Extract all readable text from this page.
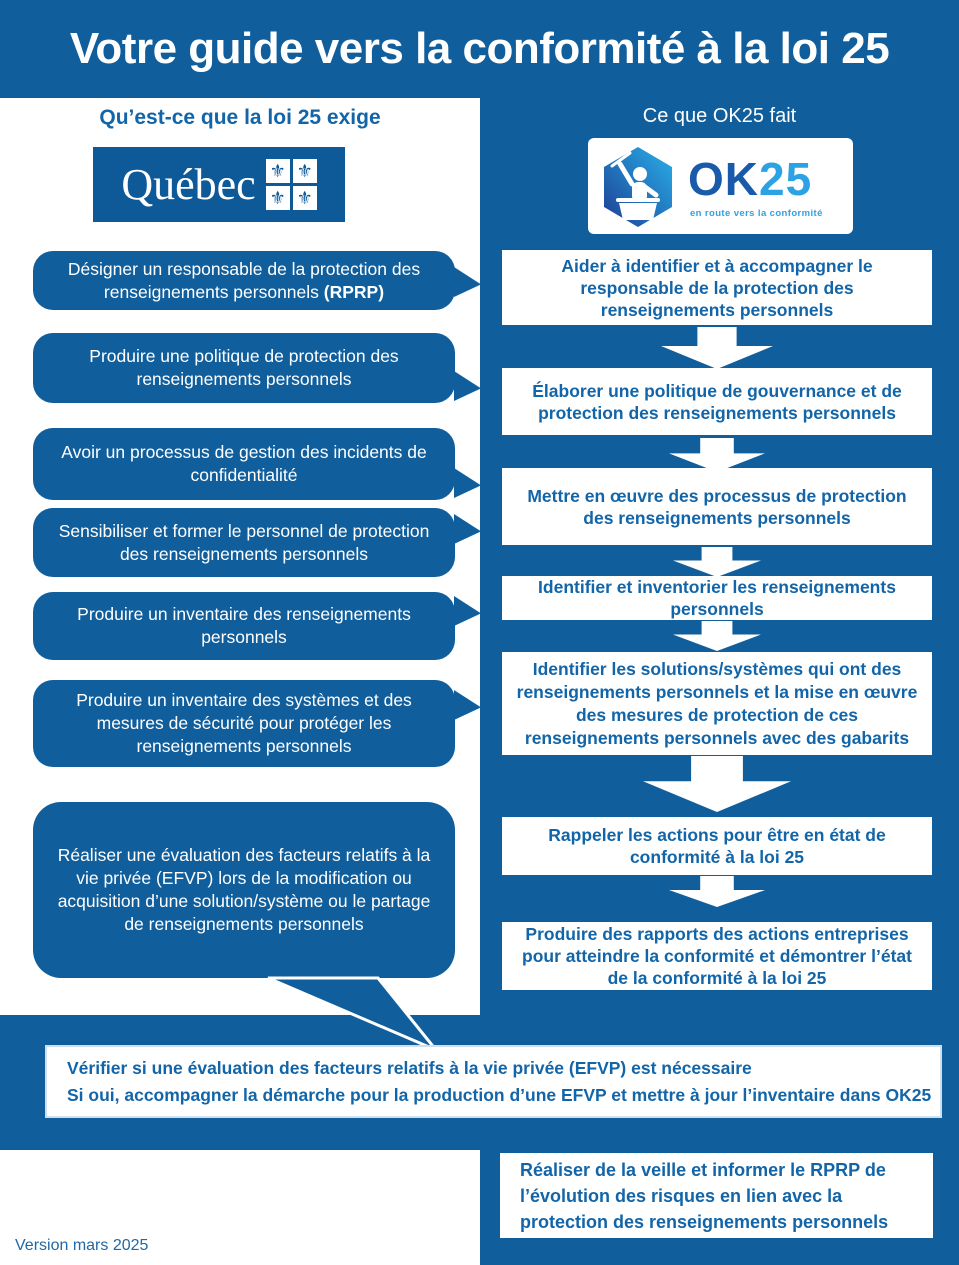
Votre guide vers la conformité à la loi 25
Qu’est-ce que la loi 25 exige	Ce que OK25 fait
Québec ⚜ ⚜
⚜ ⚜	OK25
en route vers la conformité
Désigner un responsable de la protection des renseignements personnels (RPRP)
Produire une politique de protection des renseignements personnels
Avoir un processus de gestion des incidents de confidentialité
Sensibiliser et former le personnel de protection des renseignements personnels
Produire un inventaire des renseignements personnels
Produire un inventaire des systèmes et des mesures de sécurité pour protéger les renseignements personnels
Réaliser une évaluation des facteurs relatifs à la vie privée (EFVP) lors de la modification ou acquisition d’une solution/système ou le partage de renseignements personnels
Aider à identifier et à accompagner le responsable de la protection des renseignements personnels
Élaborer une politique de gouvernance et de protection des renseignements personnels
Mettre en œuvre des processus de protection des renseignements personnels
Identifier et inventorier les renseignements personnels
Identifier les solutions/systèmes qui ont des renseignements personnels et la mise en œuvre des mesures de protection de ces renseignements personnels avec des gabarits
Rappeler les actions pour être en état de conformité à la loi 25
Produire des rapports des actions entreprises pour atteindre la conformité et démontrer l’état de la conformité à la loi 25
Vérifier si une évaluation des facteurs relatifs à la vie privée (EFVP) est nécessaire
Si oui, accompagner la démarche pour la production d’une EFVP et mettre à jour l’inventaire dans OK25
Réaliser de la veille et informer le RPRP de l’évolution des risques en lien avec la protection des renseignements personnels
Version mars 2025
